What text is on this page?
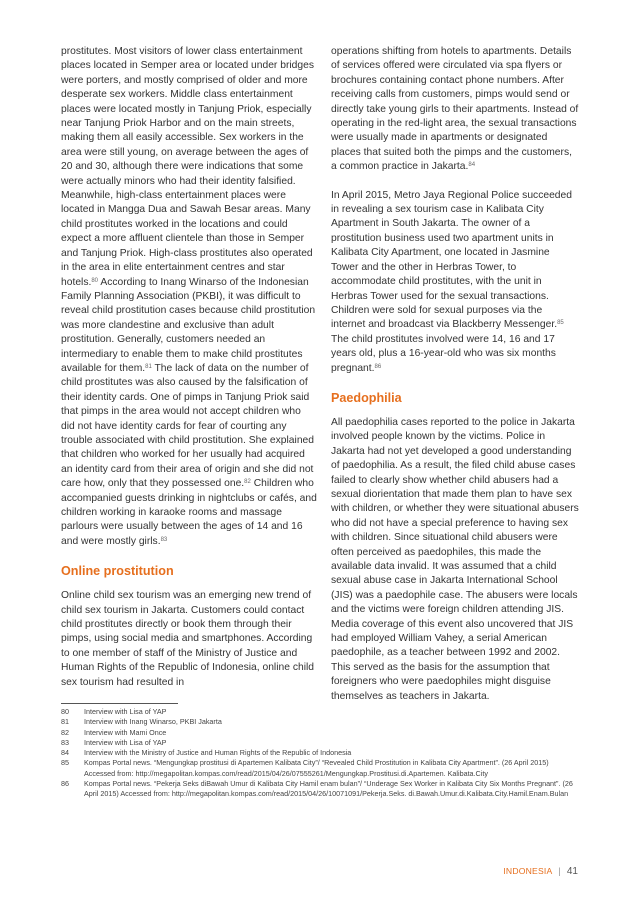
prostitutes. Most visitors of lower class entertainment places located in Semper area or located under bridges were porters, and mostly comprised of older and more desperate sex workers. Middle class entertainment places were located mostly in Tanjung Priok, especially near Tanjung Priok Harbor and on the main streets, making them all easily accessible. Sex workers in the area were still young, on average between the ages of 20 and 30, although there were indications that some were actually minors who had their identity falsified. Meanwhile, high-class entertainment places were located in Mangga Dua and Sawah Besar areas. Many child prostitutes worked in the locations and could expect a more affluent clientele than those in Semper and Tanjung Priok. High-class prostitutes also operated in the area in elite entertainment centres and star hotels.$^{80}$ According to Inang Winarso of the Indonesian Family Planning Association (PKBI), it was difficult to reveal child prostitution cases because child prostitution was more clandestine and exclusive than adult prostitution. Generally, customers needed an intermediary to enable them to make child prostitutes available for them.$^{81}$ The lack of data on the number of child prostitutes was also caused by the falsification of their identity cards. One of pimps in Tanjung Priok said that pimps in the area would not accept children who did not have identity cards for fear of courting any trouble associated with child prostitution. She explained that children who worked for her usually had acquired an identity card from their area of origin and she did not care how, only that they possessed one.$^{82}$ Children who accompanied guests drinking in nightclubs or cafés, and children working in karaoke rooms and massage parlours were usually between the ages of 14 and 16 and were mostly girls.$^{83}$

Online prostitution

Online child sex tourism was an emerging new trend of child sex tourism in Jakarta. Customers could contact child prostitutes directly or book them through their pimps, using social media and smartphones. According to one member of staff of the Ministry of Justice and Human Rights of the Republic of Indonesia, online child sex tourism had resulted in

operations shifting from hotels to apartments. Details of services offered were circulated via spa flyers or brochures containing contact phone numbers. After receiving calls from customers, pimps would send or directly take young girls to their apartments. Instead of operating in the red-light area, the sexual transactions were usually made in apartments or designated places that suited both the pimps and the customers, a common practice in Jakarta.$^{84}$

In April 2015, Metro Jaya Regional Police succeeded in revealing a sex tourism case in Kalibata City Apartment in South Jakarta. The owner of a prostitution business used two apartment units in Kalibata City Apartment, one located in Jasmine Tower and the other in Herbras Tower, to accommodate child prostitutes, with the unit in Herbras Tower used for the sexual transactions. Children were sold for sexual purposes via the internet and broadcast via Blackberry Messenger.$^{85}$ The child prostitutes involved were 14, 16 and 17 years old, plus a 16-year-old who was six months pregnant.$^{86}$

Paedophilia

All paedophilia cases reported to the police in Jakarta involved people known by the victims. Police in Jakarta had not yet developed a good understanding of paedophilia. As a result, the filed child abuse cases failed to clearly show whether child abusers had a sexual diorientation that made them plan to have sex with children, or whether they were situational abusers who did not have a special preference to having sex with children. Since situational child abusers were often perceived as paedophiles, this made the available data invalid. It was assumed that a child sexual abuse case in Jakarta International School (JIS) was a paedophile case. The abusers were locals and the victims were foreign children attending JIS. Media coverage of this event also uncovered that JIS had employed William Vahey, a serial American paedophile, as a teacher between 1992 and 2002. This served as the basis for the assumption that foreigners who were paedophiles might disguise themselves as teachers in Jakarta.

80	Interview with Lisa of YAP
81	Interview with Inang Winarso, PKBI Jakarta
82	Interview with Mami Once
83	Interview with Lisa of YAP
84	Interview with the Ministry of Justice and Human Rights of the Republic of Indonesia
85	Kompas Portal news. “Mengungkap prostitusi di Apartemen Kalibata City”/ “Revealed Child Prostitution in Kalibata City Apartment”. (26 April 2015) Accessed from: http://megapolitan.kompas.com/read/2015/04/26/07555261/Mengungkap.Prostitusi.di.Apartemen. Kalibata.City
86	Kompas Portal news. “Pekerja Seks diBawah Umur di Kalibata City Hamil enam bulan”/ “Underage Sex Worker in Kalibata City Six Months Pregnant”. (26 April 2015) Accessed from: http://megapolitan.kompas.com/read/2015/04/26/10071091/Pekerja.Seks. di.Bawah.Umur.di.Kalibata.City.Hamil.Enam.Bulan
INDONESIA | 41
